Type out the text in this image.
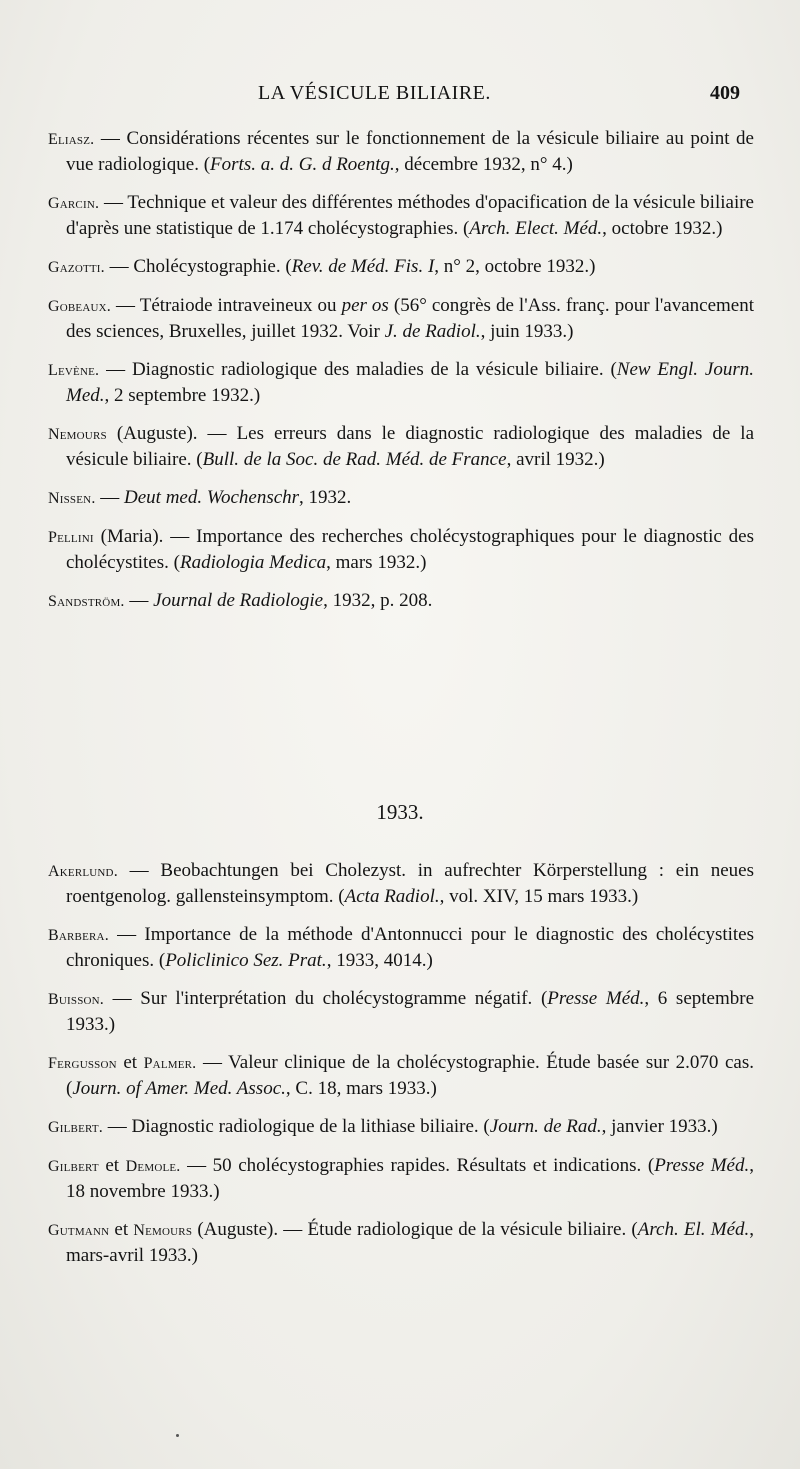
LA VÉSICULE BILIAIRE.	409
Eliasz. — Considérations récentes sur le fonctionnement de la vésicule biliaire au point de vue radiologique. (Forts. a. d. G. d Roentg., décembre 1932, n° 4.)
Garcin. — Technique et valeur des différentes méthodes d'opacification de la vésicule biliaire d'après une statistique de 1.174 cholécystographies. (Arch. Elect. Méd., octobre 1932.)
Gazotti. — Cholécystographie. (Rev. de Méd. Fis. I, n° 2, octobre 1932.)
Gobeaux. — Tétraiode intraveineux ou per os (56° congrès de l'Ass. franç. pour l'avancement des sciences, Bruxelles, juillet 1932. Voir J. de Radiol., juin 1933.)
Levène. — Diagnostic radiologique des maladies de la vésicule biliaire. (New Engl. Journ. Med., 2 septembre 1932.)
Nemours (Auguste). — Les erreurs dans le diagnostic radiologique des maladies de la vésicule biliaire. (Bull. de la Soc. de Rad. Méd. de France, avril 1932.)
Nissen. — Deut med. Wochenschr, 1932.
Pellini (Maria). — Importance des recherches cholécystographiques pour le diagnostic des cholécystites. (Radiologia Medica, mars 1932.)
Sandström. — Journal de Radiologie, 1932, p. 208.
1933.
Akerlund. — Beobachtungen bei Cholezyst. in aufrechter Körperstellung : ein neues roentgenolog. gallensteinsymptom. (Acta Radiol., vol. XIV, 15 mars 1933.)
Barbera. — Importance de la méthode d'Antonnucci pour le diagnostic des cholécystites chroniques. (Policlinico Sez. Prat., 1933, 4014.)
Buisson. — Sur l'interprétation du cholécystogramme négatif. (Presse Méd., 6 septembre 1933.)
Fergusson et Palmer. — Valeur clinique de la cholécystographie. Étude basée sur 2.070 cas. (Journ. of Amer. Med. Assoc., C. 18, mars 1933.)
Gilbert. — Diagnostic radiologique de la lithiase biliaire. (Journ. de Rad., janvier 1933.)
Gilbert et Demole. — 50 cholécystographies rapides. Résultats et indications. (Presse Méd., 18 novembre 1933.)
Gutmann et Nemours (Auguste). — Étude radiologique de la vésicule biliaire. (Arch. El. Méd., mars-avril 1933.)
